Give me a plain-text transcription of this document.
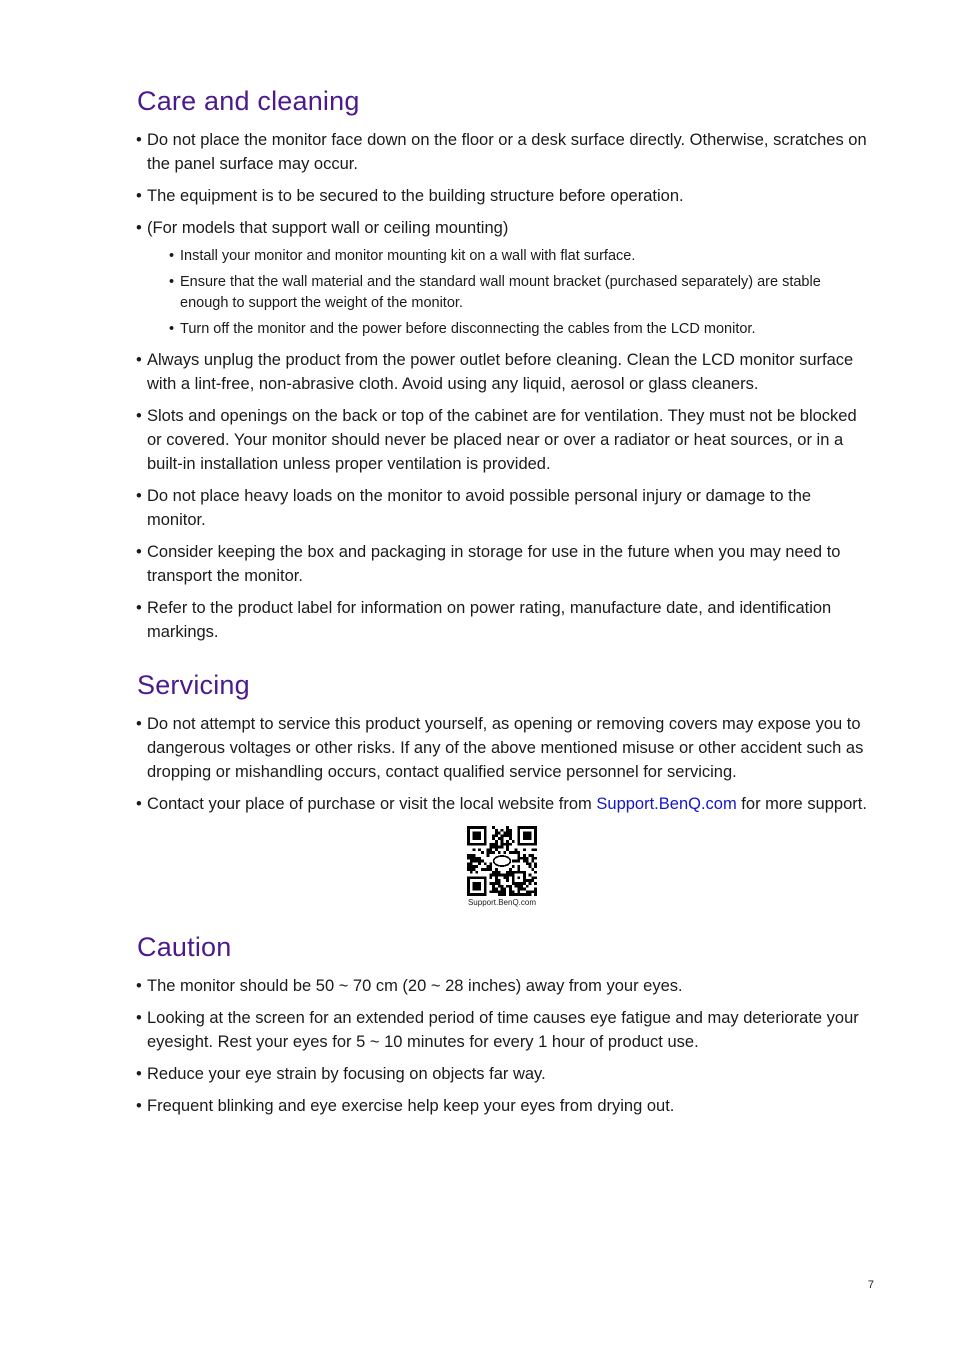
Care and cleaning
• Do not place the monitor face down on the floor or a desk surface directly. Otherwise, scratches on the panel surface may occur.
• The equipment is to be secured to the building structure before operation.
• (For models that support wall or ceiling mounting)
• Install your monitor and monitor mounting kit on a wall with flat surface.
• Ensure that the wall material and the standard wall mount bracket (purchased separately) are stable enough to support the weight of the monitor.
• Turn off the monitor and the power before disconnecting the cables from the LCD monitor.
• Always unplug the product from the power outlet before cleaning. Clean the LCD monitor surface with a lint-free, non-abrasive cloth. Avoid using any liquid, aerosol or glass cleaners.
• Slots and openings on the back or top of the cabinet are for ventilation. They must not be blocked or covered. Your monitor should never be placed near or over a radiator or heat sources, or in a built-in installation unless proper ventilation is provided.
• Do not place heavy loads on the monitor to avoid possible personal injury or damage to the monitor.
• Consider keeping the box and packaging in storage for use in the future when you may need to transport the monitor.
• Refer to the product label for information on power rating, manufacture date, and identification markings.
Servicing
• Do not attempt to service this product yourself, as opening or removing covers may expose you to dangerous voltages or other risks. If any of the above mentioned misuse or other accident such as dropping or mishandling occurs, contact qualified service personnel for servicing.
• Contact your place of purchase or visit the local website from Support.BenQ.com for more support.
Support.BenQ.com
Caution
• The monitor should be 50 ~ 70 cm (20 ~ 28 inches) away from your eyes.
• Looking at the screen for an extended period of time causes eye fatigue and may deteriorate your eyesight. Rest your eyes for 5 ~ 10 minutes for every 1 hour of product use.
• Reduce your eye strain by focusing on objects far way.
• Frequent blinking and eye exercise help keep your eyes from drying out.
7
